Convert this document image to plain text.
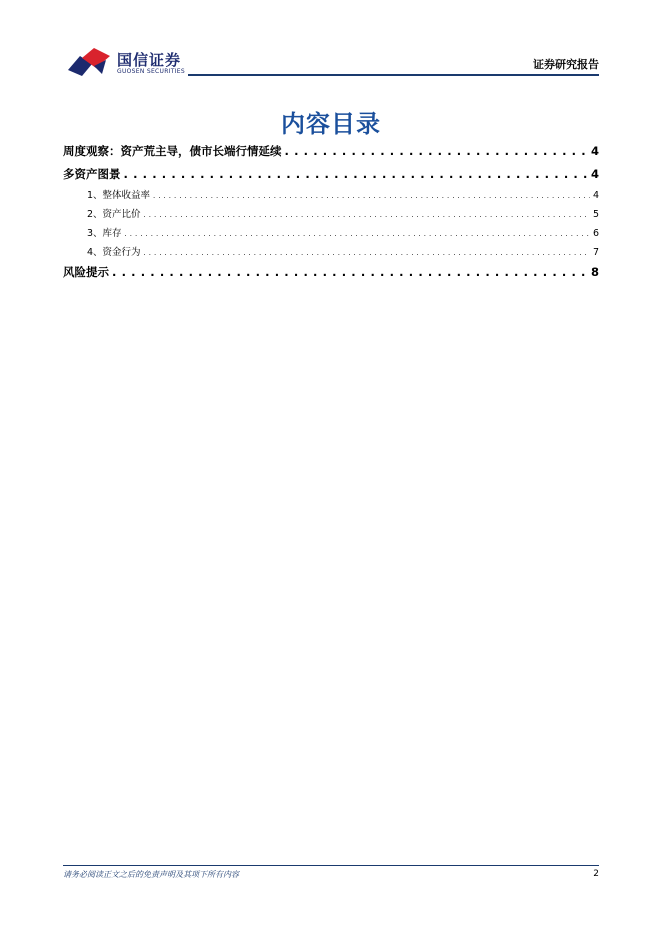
国信证券
GUOSEN SECURITIES
证券研究报告
内容目录
周度观察：资产荒主导，债市长端行情延续 . . .	4
多资产图景 . . .	4
1、整体收益率 . . .	4
2、资产比价 . . .	5
3、库存 . . .	6
4、资金行为 . . .	7
风险提示 . . .	8
请务必阅读正文之后的免责声明及其项下所有内容	2
